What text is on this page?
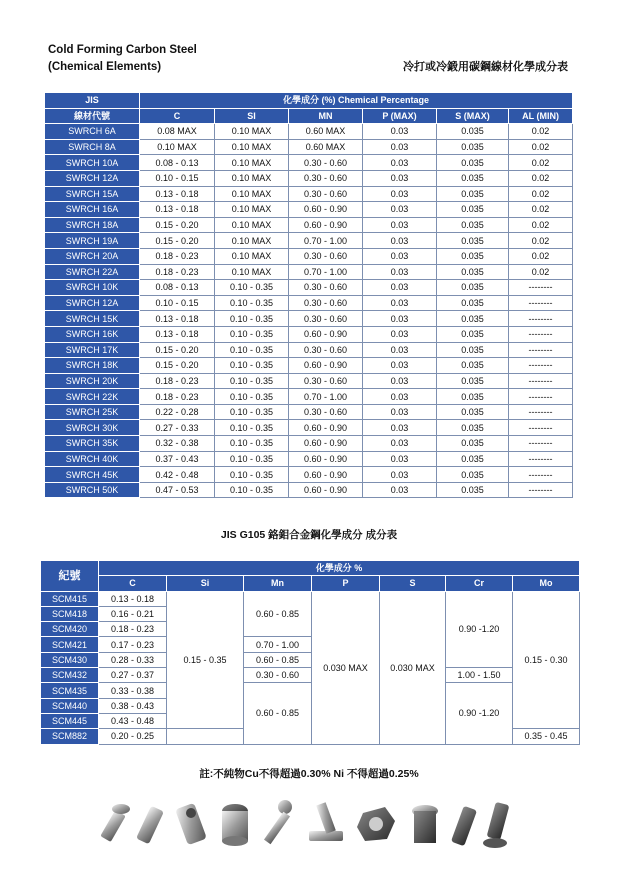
Cold Forming Carbon Steel
(Chemical Elements)	冷打或冷鍛用碳鋼線材化學成分表
JIS	化學成分 (%) Chemical Percentage					
線材代號	C	SI	MN	P (MAX)	S (MAX)	AL (MIN)
SWRCH 6A	0.08 MAX	0.10 MAX	0.60 MAX	0.03	0.035	0.02
SWRCH 8A	0.10 MAX	0.10 MAX	0.60 MAX	0.03	0.035	0.02
SWRCH 10A	0.08 - 0.13	0.10 MAX	0.30 - 0.60	0.03	0.035	0.02
SWRCH 12A	0.10 - 0.15	0.10 MAX	0.30 - 0.60	0.03	0.035	0.02
SWRCH 15A	0.13 - 0.18	0.10 MAX	0.30 - 0.60	0.03	0.035	0.02
SWRCH 16A	0.13 - 0.18	0.10 MAX	0.60 - 0.90	0.03	0.035	0.02
SWRCH 18A	0.15 - 0.20	0.10 MAX	0.60 - 0.90	0.03	0.035	0.02
SWRCH 19A	0.15 - 0.20	0.10 MAX	0.70 - 1.00	0.03	0.035	0.02
SWRCH 20A	0.18 - 0.23	0.10 MAX	0.30 - 0.60	0.03	0.035	0.02
SWRCH 22A	0.18 - 0.23	0.10 MAX	0.70 - 1.00	0.03	0.035	0.02
SWRCH 10K	0.08 - 0.13	0.10 - 0.35	0.30 - 0.60	0.03	0.035	--------
SWRCH 12A	0.10 - 0.15	0.10 - 0.35	0.30 - 0.60	0.03	0.035	--------
SWRCH 15K	0.13 - 0.18	0.10 - 0.35	0.30 - 0.60	0.03	0.035	--------
SWRCH 16K	0.13 - 0.18	0.10 - 0.35	0.60 - 0.90	0.03	0.035	--------
SWRCH 17K	0.15 - 0.20	0.10 - 0.35	0.30 - 0.60	0.03	0.035	--------
SWRCH 18K	0.15 - 0.20	0.10 - 0.35	0.60 - 0.90	0.03	0.035	--------
SWRCH 20K	0.18 - 0.23	0.10 - 0.35	0.30 - 0.60	0.03	0.035	--------
SWRCH 22K	0.18 - 0.23	0.10 - 0.35	0.70 - 1.00	0.03	0.035	--------
SWRCH 25K	0.22 - 0.28	0.10 - 0.35	0.30 - 0.60	0.03	0.035	--------
SWRCH 30K	0.27 - 0.33	0.10 - 0.35	0.60 - 0.90	0.03	0.035	--------
SWRCH 35K	0.32 - 0.38	0.10 - 0.35	0.60 - 0.90	0.03	0.035	--------
SWRCH 40K	0.37 - 0.43	0.10 - 0.35	0.60 - 0.90	0.03	0.035	--------
SWRCH 45K	0.42 - 0.48	0.10 - 0.35	0.60 - 0.90	0.03	0.035	--------
SWRCH 50K	0.47 - 0.53	0.10 - 0.35	0.60 - 0.90	0.03	0.035	--------
JIS G105 鉻鉬合金鋼化學成分 成分表
紀號	化學成分 %						
	C	Si	Mn	P	S	Cr	Mo
SCM415	0.13 - 0.18	0.15 - 0.35	0.60 - 0.85	0.030 MAX	0.030 MAX	0.90 -1.20	0.15 - 0.30
SCM418	0.16 - 0.21						
SCM420	0.18 - 0.23						
SCM421	0.17 - 0.23		0.70 - 1.00				
SCM430	0.28 - 0.33		0.60 - 0.85				
SCM432	0.27 - 0.37		0.30 - 0.60			1.00 - 1.50	
SCM435	0.33 - 0.38		0.60 - 0.85			0.90 -1.20	
SCM440	0.38 - 0.43						
SCM445	0.43 - 0.48						
SCM882	0.20 - 0.25						0.35 - 0.45
註:不純物Cu不得超過0.30% Ni 不得超過0.25%
